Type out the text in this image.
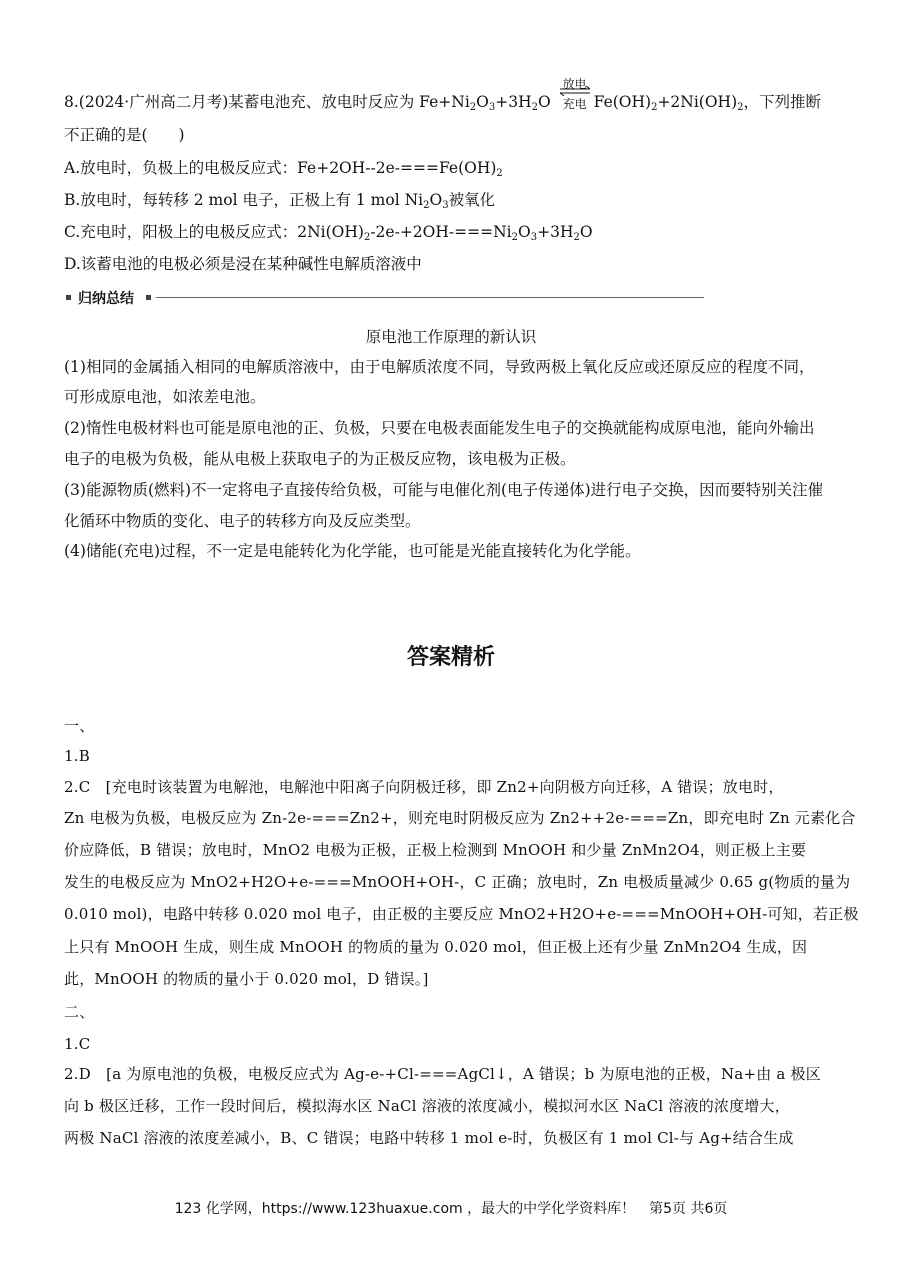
8.(2024·广州高二月考)某蓄电池充、放电时反应为 $Fe+Ni_2O_3+3H_2O$
放电
充电 $Fe(OH)_2+2Ni(OH)_2$，下列推断
不正确的是(　　)
A.放电时，负极上的电极反应式：$Fe+2OH--2e-===Fe(OH)_2$
B.放电时，每转移 2 mol 电子，正极上有 1 mol $Ni_2O_3$被氧化
C.充电时，阳极上的电极反应式：$2Ni(OH)_2-2e-+2OH-===Ni_2O_3+3H_2O$
D.该蓄电池的电极必须是浸在某种碱性电解质溶液中
归纳总结
原电池工作原理的新认识
(1)相同的金属插入相同的电解质溶液中，由于电解质浓度不同，导致两极上氧化反应或还原反应的程度不同，
可形成原电池，如浓差电池。
(2)惰性电极材料也可能是原电池的正、负极，只要在电极表面能发生电子的交换就能构成原电池，能向外输出
电子的电极为负极，能从电极上获取电子的为正极反应物，该电极为正极。
(3)能源物质(燃料)不一定将电子直接传给负极，可能与电催化剂(电子传递体)进行电子交换，因而要特别关注催
化循环中物质的变化、电子的转移方向及反应类型。
(4)储能(充电)过程，不一定是电能转化为化学能，也可能是光能直接转化为化学能。
答案精析
一、
1.B
2.C　[充电时该装置为电解池，电解池中阳离子向阴极迁移，即 Zn2+向阴极方向迁移，A 错误；放电时，
Zn 电极为负极，电极反应为 Zn-2e-===Zn2+，则充电时阴极反应为 Zn2++2e-===Zn，即充电时 Zn 元素化合
价应降低，B 错误；放电时，MnO2 电极为正极，正极上检测到 MnOOH 和少量 ZnMn2O4，则正极上主要
发生的电极反应为 MnO2+H2O+e-===MnOOH+OH-，C 正确；放电时，Zn 电极质量减少 0.65 g(物质的量为
0.010 mol)，电路中转移 0.020 mol 电子，由正极的主要反应 MnO2+H2O+e-===MnOOH+OH-可知，若正极
上只有 MnOOH 生成，则生成 MnOOH 的物质的量为 0.020 mol，但正极上还有少量 ZnMn2O4 生成，因
此，MnOOH 的物质的量小于 0.020 mol，D 错误。]
二、
1.C
2.D　[a 为原电池的负极，电极反应式为 Ag-e-+Cl-===AgCl↓，A 错误；b 为原电池的正极，Na+由 a 极区
向 b 极区迁移，工作一段时间后，模拟海水区 NaCl 溶液的浓度减小，模拟河水区 NaCl 溶液的浓度增大，
两极 NaCl 溶液的浓度差减小，B、C 错误；电路中转移 1 mol e-时，负极区有 1 mol Cl-与 Ag+结合生成
123 化学网，https://www.123huaxue.com ，最大的中学化学资料库！　第5页 共6页
